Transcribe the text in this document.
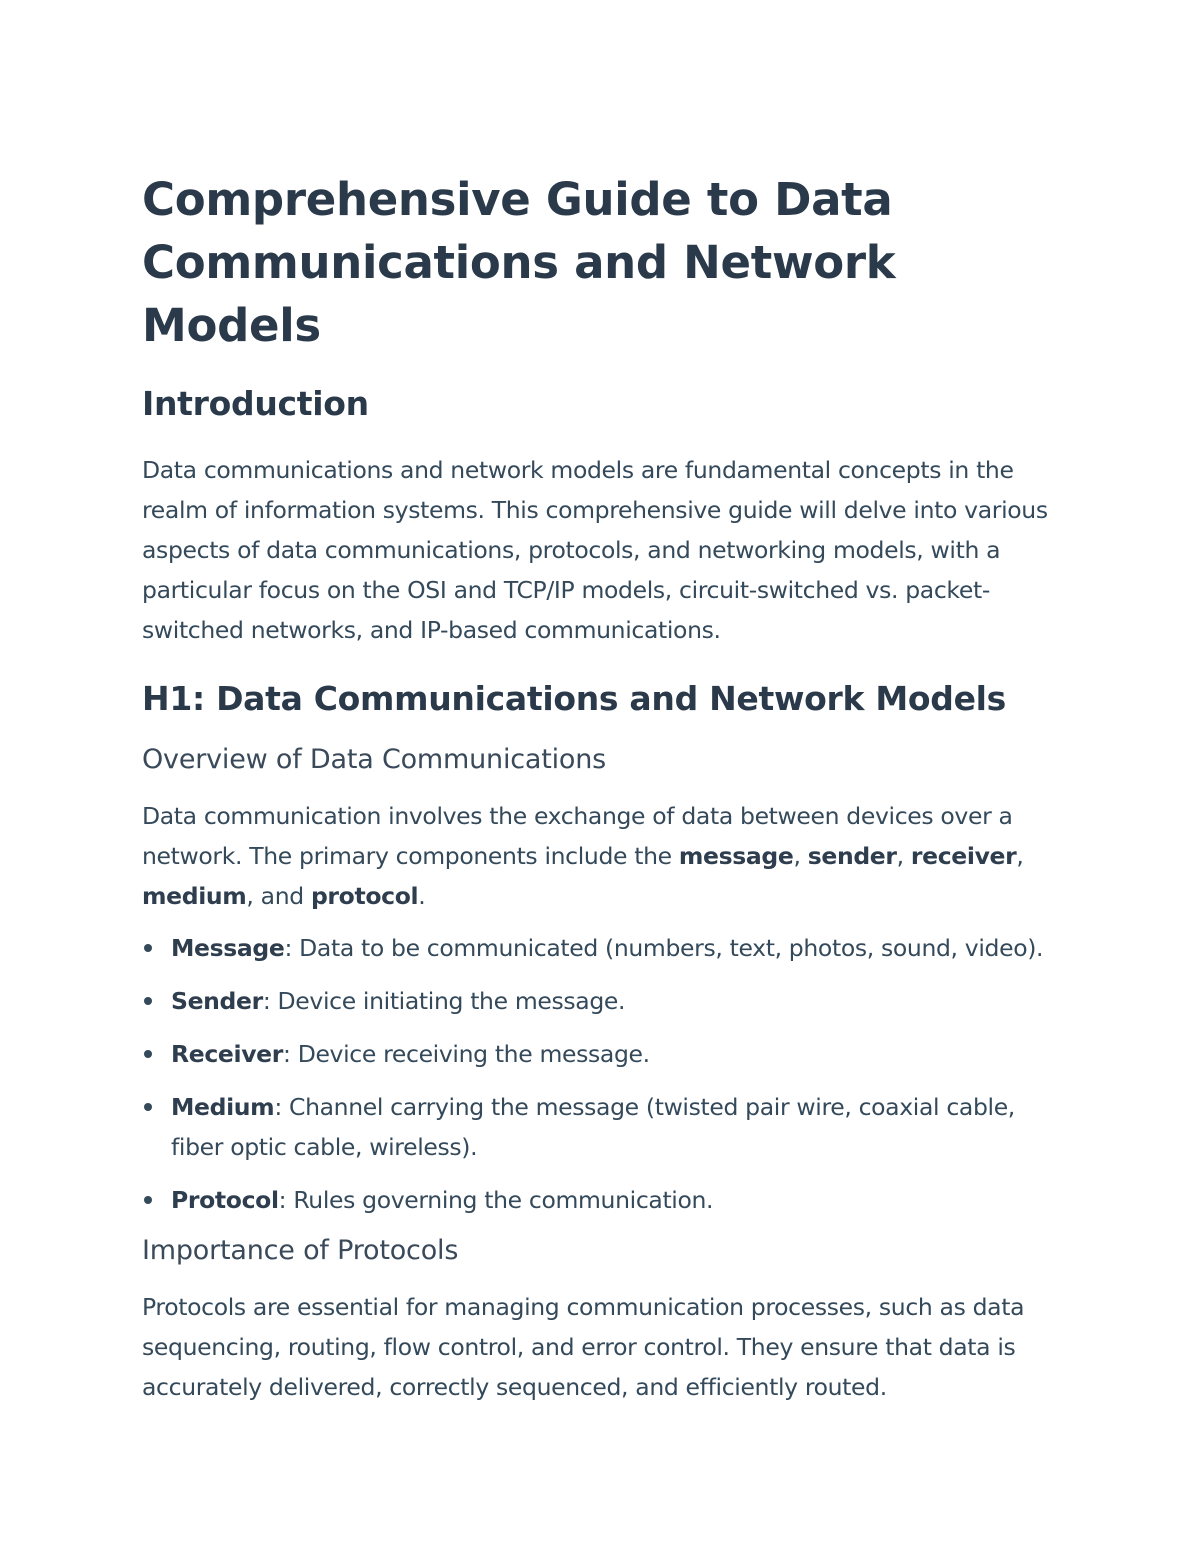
Comprehensive Guide to Data Communications and Network Models
Introduction

Data communications and network models are fundamental concepts in the realm of information systems. This comprehensive guide will delve into various aspects of data communications, protocols, and networking models, with a particular focus on the OSI and TCP/IP models, circuit-switched vs. packet-switched networks, and IP-based communications.

H1: Data Communications and Network Models
Overview of Data Communications

Data communication involves the exchange of data between devices over a network. The primary components include the message, sender, receiver, medium, and protocol.

Message: Data to be communicated (numbers, text, photos, sound, video).
Sender: Device initiating the message.
Receiver: Device receiving the message.
Medium: Channel carrying the message (twisted pair wire, coaxial cable, fiber optic cable, wireless).
Protocol: Rules governing the communication.
Importance of Protocols

Protocols are essential for managing communication processes, such as data sequencing, routing, flow control, and error control. They ensure that data is accurately delivered, correctly sequenced, and efficiently routed.
